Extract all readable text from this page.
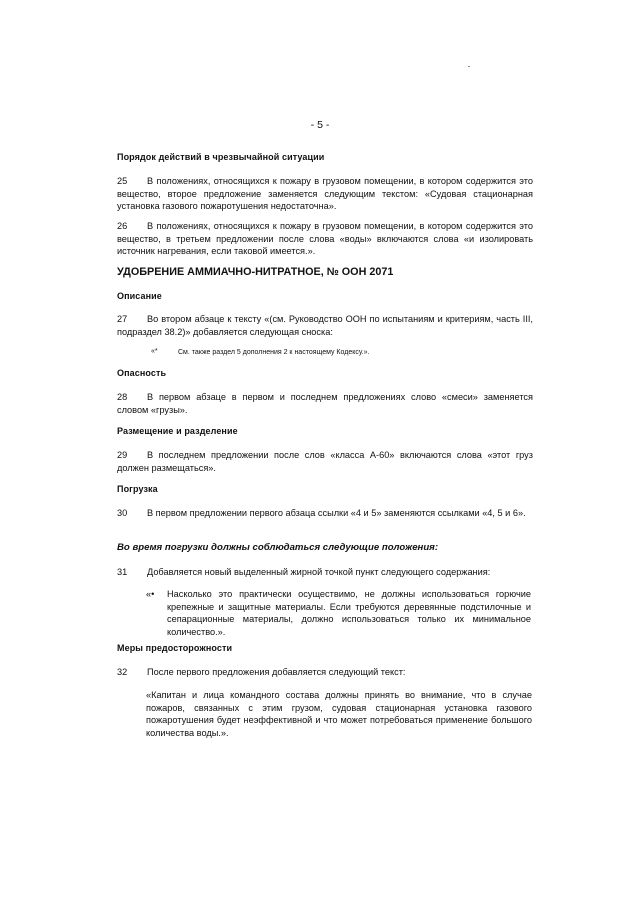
- 5 -
Порядок действий в чрезвычайной ситуации
25	В положениях, относящихся к пожару в грузовом помещении, в котором содержится это вещество, второе предложение заменяется следующим текстом: «Судовая стационарная установка газового пожаротушения недостаточна».
26	В положениях, относящихся к пожару в грузовом помещении, в котором содержится это вещество, в третьем предложении после слова «воды» включаются слова «и изолировать источник нагревания, если таковой имеется.».
УДОБРЕНИЕ АММИАЧНО-НИТРАТНОЕ, № ООН 2071
Описание
27	Во втором абзаце к тексту «(см. Руководство ООН по испытаниям и критериям, часть III, подраздел 38.2)» добавляется следующая сноска:
«*	См. также раздел 5 дополнения 2 к настоящему Кодексу.».
Опасность
28	В первом абзаце в первом и последнем предложениях слово «смеси» заменяется словом «грузы».
Размещение и разделение
29	В последнем предложении после слов «класса А-60» включаются слова «этот груз должен размещаться».
Погрузка
30	В первом предложении первого абзаца ссылки «4 и 5» заменяются ссылками «4, 5 и 6».
Во время погрузки должны соблюдаться следующие положения:
31	Добавляется новый выделенный жирной точкой пункт следующего содержания:
«•	Насколько это практически осуществимо, не должны использоваться горючие крепежные и защитные материалы. Если требуются деревянные подстилочные и сепарационные материалы, должно использоваться только их минимальное количество.».
Меры предосторожности
32	После первого предложения добавляется следующий текст:
«Капитан и лица командного состава должны принять во внимание, что в случае пожаров, связанных с этим грузом, судовая стационарная установка газового пожаротушения будет неэффективной и что может потребоваться применение большого количества воды.».
